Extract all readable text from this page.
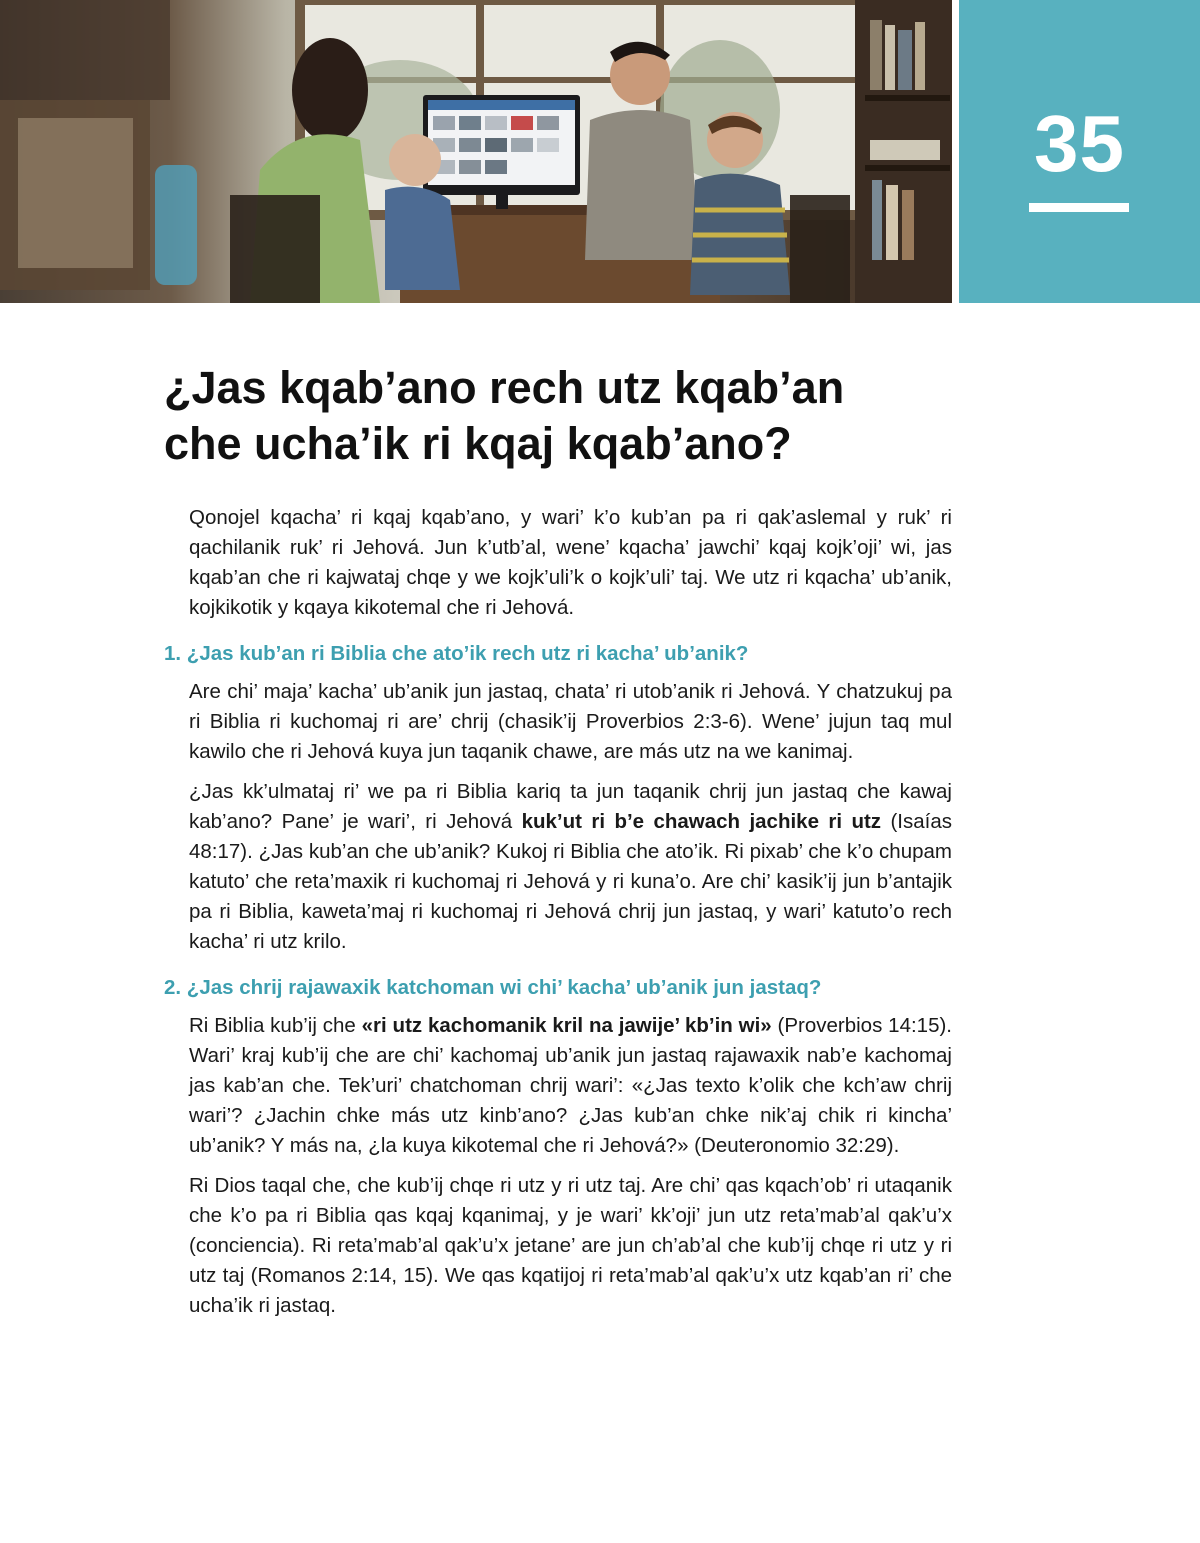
35
¿Jas kqab’ano rech utz kqab’an
che ucha’ik ri kqaj kqab’ano?

Qonojel kqacha’ ri kqaj kqab’ano, y wari’ k’o kub’an pa ri qak’aslemal y ruk’ ri qachilanik ruk’ ri Jehová. Jun k’utb’al, wene’ kqacha’ jawchi’ kqaj kojk’oji’ wi, jas kqab’an che ri kajwataj chqe y we kojk’uli’k o kojk’uli’ taj. We utz ri kqacha’ ub’anik, kojkikotik y kqaya kikotemal che ri Jehová.

1. ¿Jas kub’an ri Biblia che ato’ik rech utz ri kacha’ ub’anik?

Are chi’ maja’ kacha’ ub’anik jun jastaq, chata’ ri utob’anik ri Jehová. Y chatzukuj pa ri Biblia ri kuchomaj ri are’ chrij (chasik’ij Proverbios 2:3-6). Wene’ jujun taq mul kawilo che ri Jehová kuya jun taqanik chawe, are más utz na we kanimaj.

¿Jas kk’ulmataj ri’ we pa ri Biblia kariq ta jun taqanik chrij jun jastaq che kawaj kab’ano? Pane’ je wari’, ri Jehová kuk’ut ri b’e chawach jachike ri utz (Isaías 48:17). ¿Jas kub’an che ub’anik? Kukoj ri Biblia che ato’ik. Ri pixab’ che k’o chupam katuto’ che reta’maxik ri kuchomaj ri Jehová y ri kuna’o. Are chi’ kasik’ij jun b’antajik pa ri Biblia, kaweta’maj ri kuchomaj ri Jehová chrij jun jastaq, y wari’ katuto’o rech kacha’ ri utz krilo.

2. ¿Jas chrij rajawaxik katchoman wi chi’ kacha’ ub’anik jun jastaq?

Ri Biblia kub’ij che «ri utz kachomanik kril na jawije’ kb’in wi» (Proverbios 14:15). Wari’ kraj kub’ij che are chi’ kachomaj ub’anik jun jastaq rajawaxik nab’e kachomaj jas kab’an che. Tek’uri’ chatchoman chrij wari’: «¿Jas texto k’olik che kch’aw chrij wari’? ¿Jachin chke más utz kinb’ano? ¿Jas kub’an chke nik’aj chik ri kincha’ ub’anik? Y más na, ¿la kuya kikotemal che ri Jehová?» (Deuteronomio 32:29).

Ri Dios taqal che, che kub’ij chqe ri utz y ri utz taj. Are chi’ qas kqach’ob’ ri utaqanik che k’o pa ri Biblia qas kqaj kqanimaj, y je wari’ kk’oji’ jun utz reta’mab’al qak’u’x (conciencia). Ri reta’mab’al qak’u’x jetane’ are jun ch’ab’al che kub’ij chqe ri utz y ri utz taj (Romanos 2:14, 15). We qas kqatijoj ri reta’mab’al qak’u’x utz kqab’an ri’ che ucha’ik ri jastaq.
